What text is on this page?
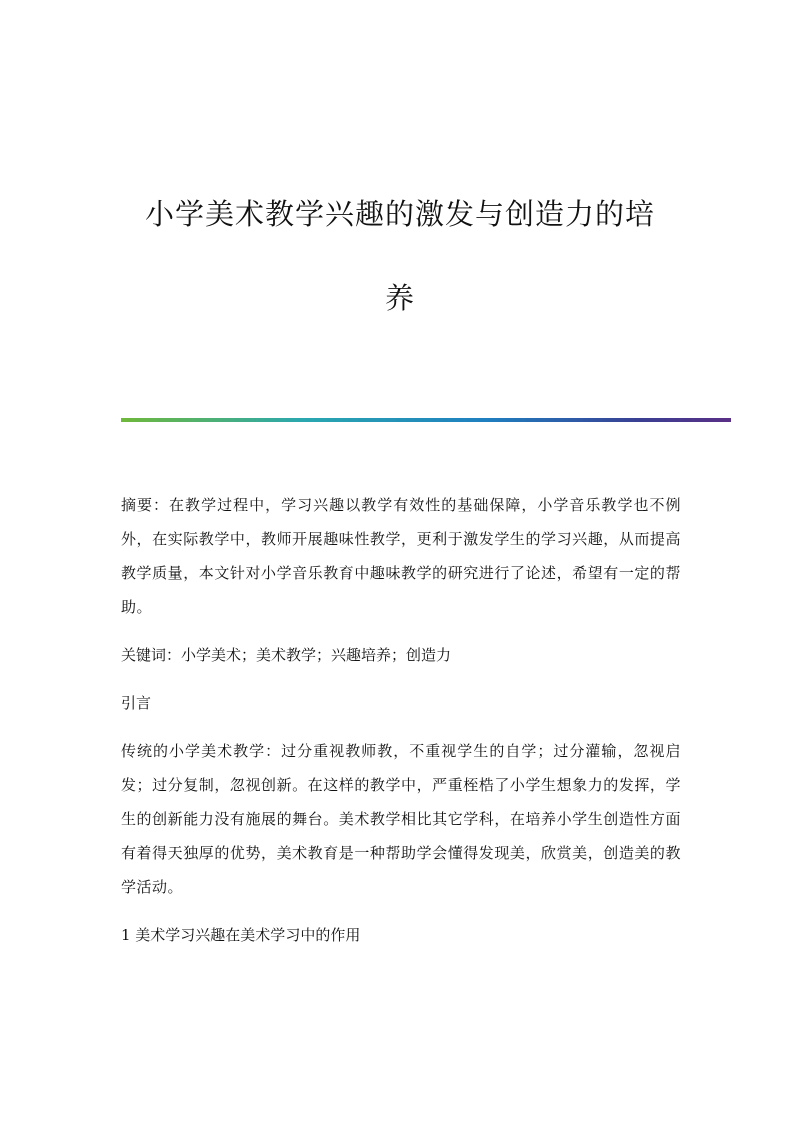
小学美术教学兴趣的激发与创造力的培
养

摘要：在教学过程中，学习兴趣以教学有效性的基础保障，小学音乐教学也不例外，在实际教学中，教师开展趣味性教学，更利于激发学生的学习兴趣，从而提高教学质量，本文针对小学音乐教育中趣味教学的研究进行了论述，希望有一定的帮助。

关键词：小学美术；美术教学；兴趣培养；创造力

引言

传统的小学美术教学：过分重视教师教，不重视学生的自学；过分灌输，忽视启发；过分复制，忽视创新。在这样的教学中，严重桎梏了小学生想象力的发挥，学生的创新能力没有施展的舞台。美术教学相比其它学科，在培养小学生创造性方面有着得天独厚的优势，美术教育是一种帮助学会懂得发现美，欣赏美，创造美的教学活动。

1 美术学习兴趣在美术学习中的作用
